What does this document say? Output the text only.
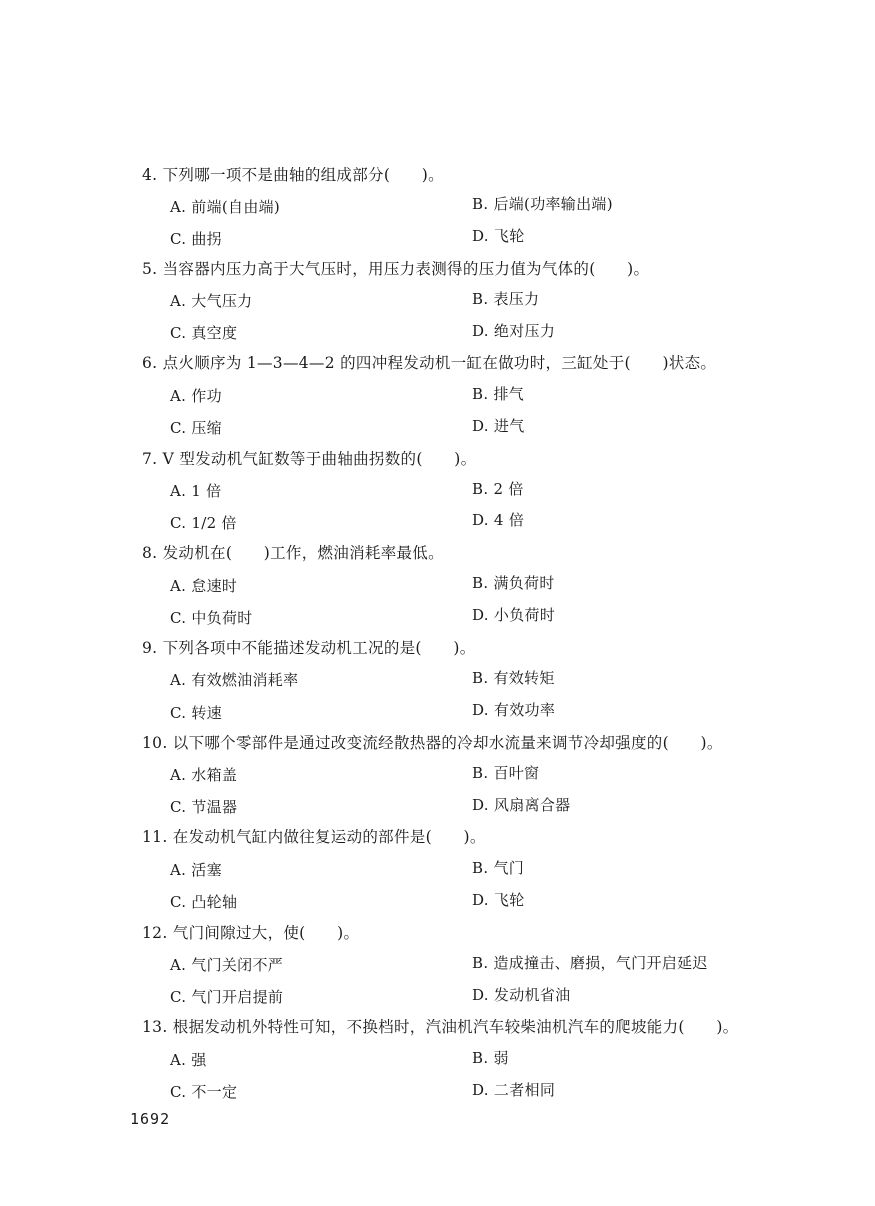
4. 下列哪一项不是曲轴的组成部分(　　)。
A. 前端(自由端)	B. 后端(功率输出端)
C. 曲拐	D. 飞轮
5. 当容器内压力高于大气压时，用压力表测得的压力值为气体的(　　)。
A. 大气压力	B. 表压力
C. 真空度	D. 绝对压力
6. 点火顺序为 1—3—4—2 的四冲程发动机一缸在做功时，三缸处于(　　)状态。
A. 作功	B. 排气
C. 压缩	D. 进气
7. V 型发动机气缸数等于曲轴曲拐数的(　　)。
A. 1 倍	B. 2 倍
C. 1/2 倍	D. 4 倍
8. 发动机在(　　)工作，燃油消耗率最低。
A. 怠速时	B. 满负荷时
C. 中负荷时	D. 小负荷时
9. 下列各项中不能描述发动机工况的是(　　)。
A. 有效燃油消耗率	B. 有效转矩
C. 转速	D. 有效功率
10. 以下哪个零部件是通过改变流经散热器的冷却水流量来调节冷却强度的(　　)。
A. 水箱盖	B. 百叶窗
C. 节温器	D. 风扇离合器
11. 在发动机气缸内做往复运动的部件是(　　)。
A. 活塞	B. 气门
C. 凸轮轴	D. 飞轮
12. 气门间隙过大，使(　　)。
A. 气门关闭不严	B. 造成撞击、磨损，气门开启延迟
C. 气门开启提前	D. 发动机省油
13. 根据发动机外特性可知，不换档时，汽油机汽车较柴油机汽车的爬坡能力(　　)。
A. 强	B. 弱
C. 不一定	D. 二者相同
1692
